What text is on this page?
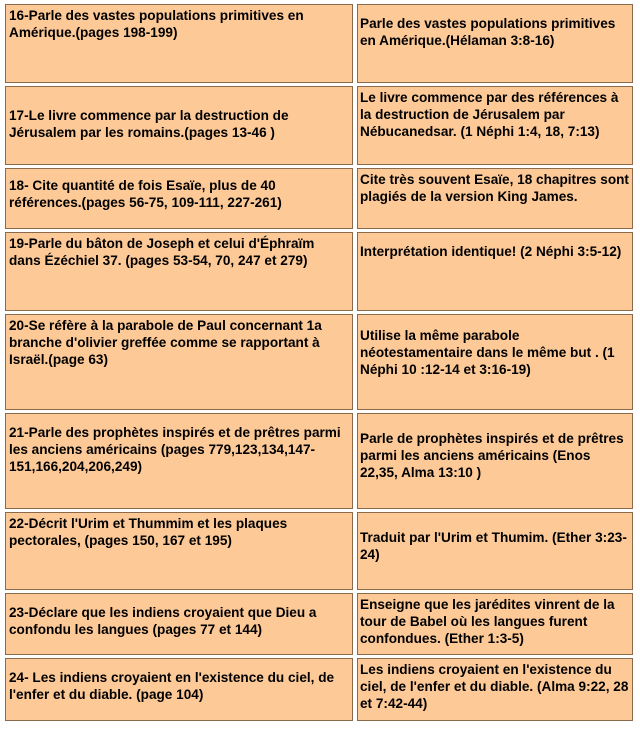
16-Parle des vastes populations primitives en Amérique.(pages 198-199)	Parle des vastes populations primitives en Amérique.(Hélaman 3:8-16)
17-Le livre commence par la destruction de Jérusalem par les romains.(pages 13-46 )	Le livre commence par des références à la destruction de Jérusalem par Nébucanedsar. (1 Néphi 1:4, 18, 7:13)
18- Cite quantité de fois Esaïe, plus de 40 références.(pages 56-75, 109-111, 227-261)	Cite très souvent Esaïe, 18 chapitres sont plagiés de la version King James.
19-Parle du bâton de Joseph et celui d'Éphraïm dans Ézéchiel 37. (pages 53-54, 70, 247 et 279)	Interprétation identique! (2 Néphi 3:5-12)
20-Se réfère à la parabole de Paul concernant 1a branche d'olivier greffée comme se rapportant à Israël.(page 63)	Utilise la même parabole néotestamentaire dans le même but . (1 Néphi 10 :12-14 et 3:16-19)
21-Parle des prophètes inspirés et de prêtres parmi les anciens américains (pages 779,123,134,147-151,166,204,206,249)	Parle de prophètes inspirés et de prêtres parmi les anciens américains (Enos 22,35, Alma 13:10 )
22-Décrit l'Urim et Thummim et les plaques pectorales, (pages 150, 167 et 195)	Traduit par l'Urim et Thumim. (Ether 3:23-24)
23-Déclare que les indiens croyaient que Dieu a confondu les langues (pages 77 et 144)	Enseigne que les jarédites vinrent de la tour de Babel où les langues furent confondues. (Ether 1:3-5)
24- Les indiens croyaient en l'existence du ciel, de l'enfer et du diable. (page 104)	Les indiens croyaient en l'existence du ciel, de l'enfer et du diable. (Alma 9:22, 28 et 7:42-44)
